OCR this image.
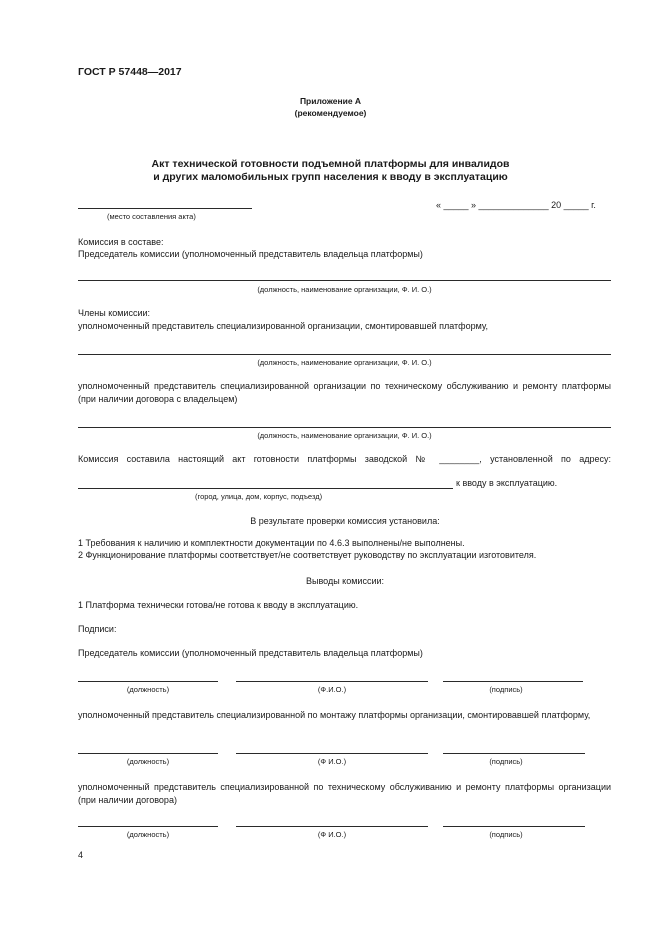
ГОСТ Р 57448—2017
Приложение А
(рекомендуемое)
Акт технической готовности подъемной платформы для инвалидов
и других маломобильных групп населения к вводу в эксплуатацию
(место составления акта)
« _____ » ______________ 20 _____ г.
Комиссия в составе:
Председатель комиссии (уполномоченный представитель владельца платформы)
(должность, наименование организации, Ф. И. О.)
Члены комиссии:
уполномоченный представитель специализированной организации, смонтировавшей платформу,
(должность, наименование организации, Ф. И. О.)
уполномоченный представитель специализированной организации по техническому обслуживанию и ремонту платформы (при наличии договора с владельцем)
(должность, наименование организации, Ф. И. О.)
Комиссия составила настоящий акт готовности платформы заводской № ________, установленной по адресу:
к вводу в эксплуатацию.
(город, улица, дом, корпус, подъезд)
В результате проверки комиссия установила:
1 Требования к наличию и комплектности документации по 4.6.3 выполнены/не выполнены.
2 Функционирование платформы соответствует/не соответствует руководству по эксплуатации изготовителя.
Выводы комиссии:
1 Платформа технически готова/не готова к вводу в эксплуатацию.
Подписи:
Председатель комиссии (уполномоченный представитель владельца платформы)
(должность)	(Ф.И.О.)	(подпись)
уполномоченный представитель специализированной по монтажу платформы организации, смонтировавшей платформу,
(должность)	(Ф И.О.)	(подпись)
уполномоченный представитель специализированной по техническому обслуживанию и ремонту платформы организации (при наличии договора)
(должность)	(Ф И.О.)	(подпись)
4
